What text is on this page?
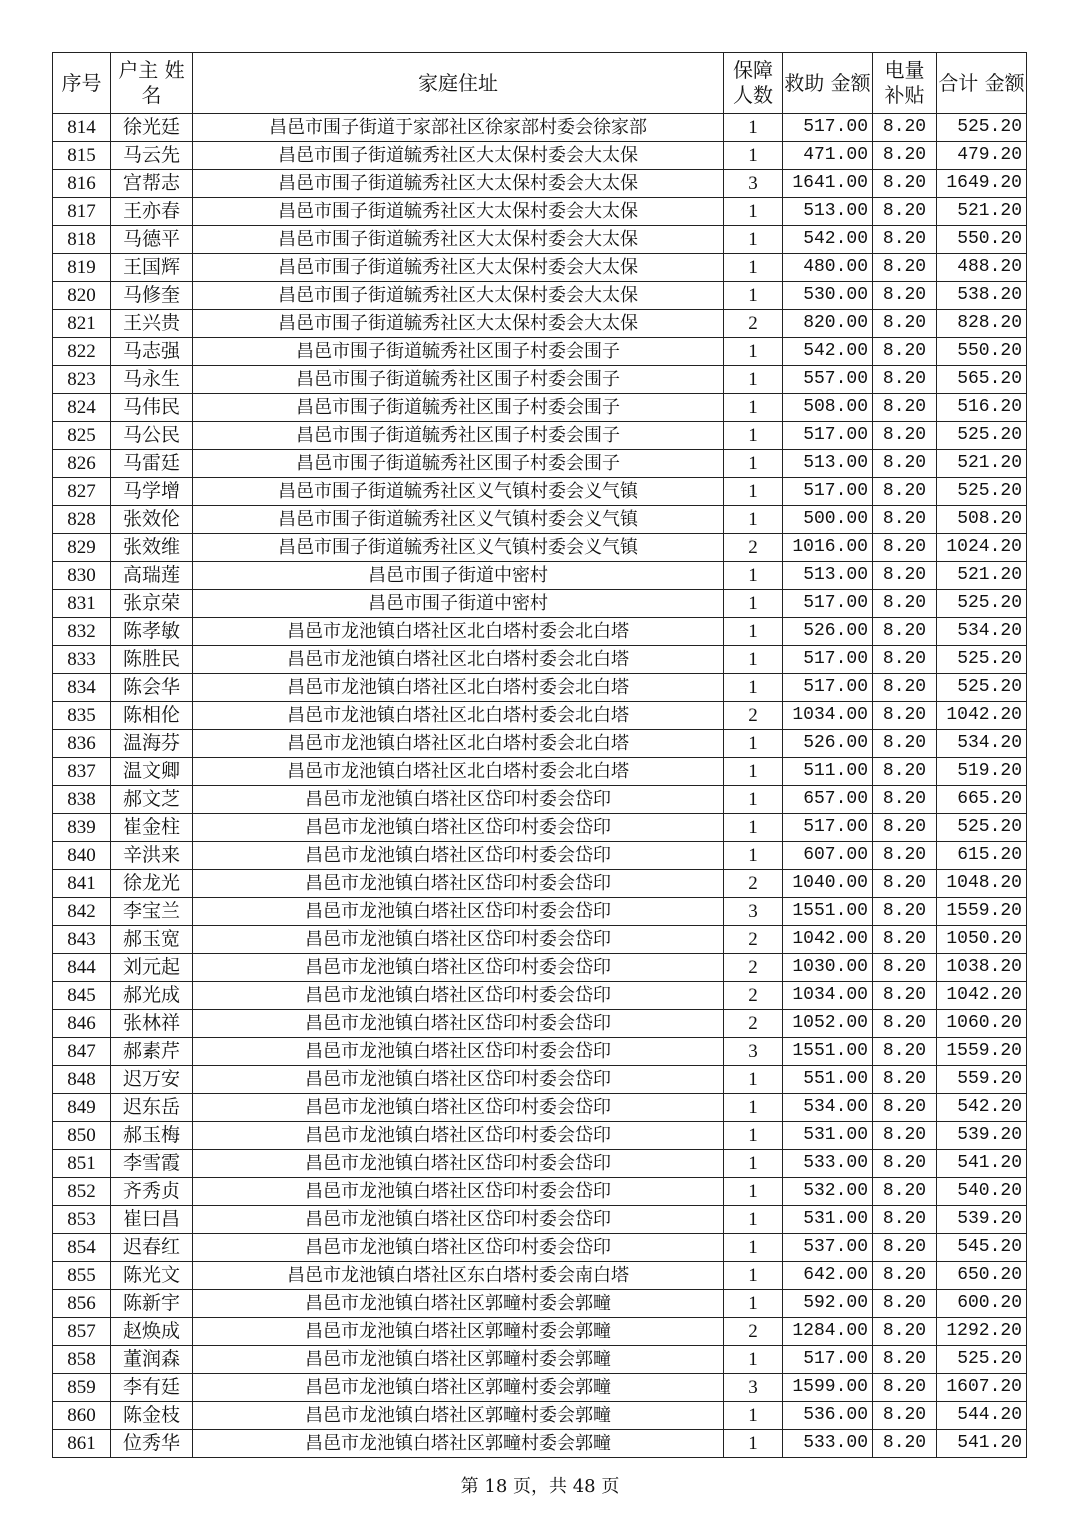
序号	户主 姓名	家庭住址	保障 人数	救助 金额	电量 补贴	合计 金额
814	徐光廷	昌邑市围子街道于家部社区徐家部村委会徐家部	1	517.00	8.20	525.20
815	马云先	昌邑市围子街道毓秀社区大太保村委会大太保	1	471.00	8.20	479.20
816	宫帮志	昌邑市围子街道毓秀社区大太保村委会大太保	3	1641.00	8.20	1649.20
817	王亦春	昌邑市围子街道毓秀社区大太保村委会大太保	1	513.00	8.20	521.20
818	马德平	昌邑市围子街道毓秀社区大太保村委会大太保	1	542.00	8.20	550.20
819	王国辉	昌邑市围子街道毓秀社区大太保村委会大太保	1	480.00	8.20	488.20
820	马修奎	昌邑市围子街道毓秀社区大太保村委会大太保	1	530.00	8.20	538.20
821	王兴贵	昌邑市围子街道毓秀社区大太保村委会大太保	2	820.00	8.20	828.20
822	马志强	昌邑市围子街道毓秀社区围子村委会围子	1	542.00	8.20	550.20
823	马永生	昌邑市围子街道毓秀社区围子村委会围子	1	557.00	8.20	565.20
824	马伟民	昌邑市围子街道毓秀社区围子村委会围子	1	508.00	8.20	516.20
825	马公民	昌邑市围子街道毓秀社区围子村委会围子	1	517.00	8.20	525.20
826	马雷廷	昌邑市围子街道毓秀社区围子村委会围子	1	513.00	8.20	521.20
827	马学增	昌邑市围子街道毓秀社区义气镇村委会义气镇	1	517.00	8.20	525.20
828	张效伦	昌邑市围子街道毓秀社区义气镇村委会义气镇	1	500.00	8.20	508.20
829	张效维	昌邑市围子街道毓秀社区义气镇村委会义气镇	2	1016.00	8.20	1024.20
830	高瑞莲	昌邑市围子街道中密村	1	513.00	8.20	521.20
831	张京荣	昌邑市围子街道中密村	1	517.00	8.20	525.20
832	陈孝敏	昌邑市龙池镇白塔社区北白塔村委会北白塔	1	526.00	8.20	534.20
833	陈胜民	昌邑市龙池镇白塔社区北白塔村委会北白塔	1	517.00	8.20	525.20
834	陈会华	昌邑市龙池镇白塔社区北白塔村委会北白塔	1	517.00	8.20	525.20
835	陈相伦	昌邑市龙池镇白塔社区北白塔村委会北白塔	2	1034.00	8.20	1042.20
836	温海芬	昌邑市龙池镇白塔社区北白塔村委会北白塔	1	526.00	8.20	534.20
837	温文卿	昌邑市龙池镇白塔社区北白塔村委会北白塔	1	511.00	8.20	519.20
838	郝文芝	昌邑市龙池镇白塔社区岱印村委会岱印	1	657.00	8.20	665.20
839	崔金柱	昌邑市龙池镇白塔社区岱印村委会岱印	1	517.00	8.20	525.20
840	辛洪来	昌邑市龙池镇白塔社区岱印村委会岱印	1	607.00	8.20	615.20
841	徐龙光	昌邑市龙池镇白塔社区岱印村委会岱印	2	1040.00	8.20	1048.20
842	李宝兰	昌邑市龙池镇白塔社区岱印村委会岱印	3	1551.00	8.20	1559.20
843	郝玉宽	昌邑市龙池镇白塔社区岱印村委会岱印	2	1042.00	8.20	1050.20
844	刘元起	昌邑市龙池镇白塔社区岱印村委会岱印	2	1030.00	8.20	1038.20
845	郝光成	昌邑市龙池镇白塔社区岱印村委会岱印	2	1034.00	8.20	1042.20
846	张林祥	昌邑市龙池镇白塔社区岱印村委会岱印	2	1052.00	8.20	1060.20
847	郝素芹	昌邑市龙池镇白塔社区岱印村委会岱印	3	1551.00	8.20	1559.20
848	迟万安	昌邑市龙池镇白塔社区岱印村委会岱印	1	551.00	8.20	559.20
849	迟东岳	昌邑市龙池镇白塔社区岱印村委会岱印	1	534.00	8.20	542.20
850	郝玉梅	昌邑市龙池镇白塔社区岱印村委会岱印	1	531.00	8.20	539.20
851	李雪霞	昌邑市龙池镇白塔社区岱印村委会岱印	1	533.00	8.20	541.20
852	齐秀贞	昌邑市龙池镇白塔社区岱印村委会岱印	1	532.00	8.20	540.20
853	崔曰昌	昌邑市龙池镇白塔社区岱印村委会岱印	1	531.00	8.20	539.20
854	迟春红	昌邑市龙池镇白塔社区岱印村委会岱印	1	537.00	8.20	545.20
855	陈光文	昌邑市龙池镇白塔社区东白塔村委会南白塔	1	642.00	8.20	650.20
856	陈新宇	昌邑市龙池镇白塔社区郭疃村委会郭疃	1	592.00	8.20	600.20
857	赵焕成	昌邑市龙池镇白塔社区郭疃村委会郭疃	2	1284.00	8.20	1292.20
858	董润森	昌邑市龙池镇白塔社区郭疃村委会郭疃	1	517.00	8.20	525.20
859	李有廷	昌邑市龙池镇白塔社区郭疃村委会郭疃	3	1599.00	8.20	1607.20
860	陈金枝	昌邑市龙池镇白塔社区郭疃村委会郭疃	1	536.00	8.20	544.20
861	位秀华	昌邑市龙池镇白塔社区郭疃村委会郭疃	1	533.00	8.20	541.20
第 18 页，共 48 页
